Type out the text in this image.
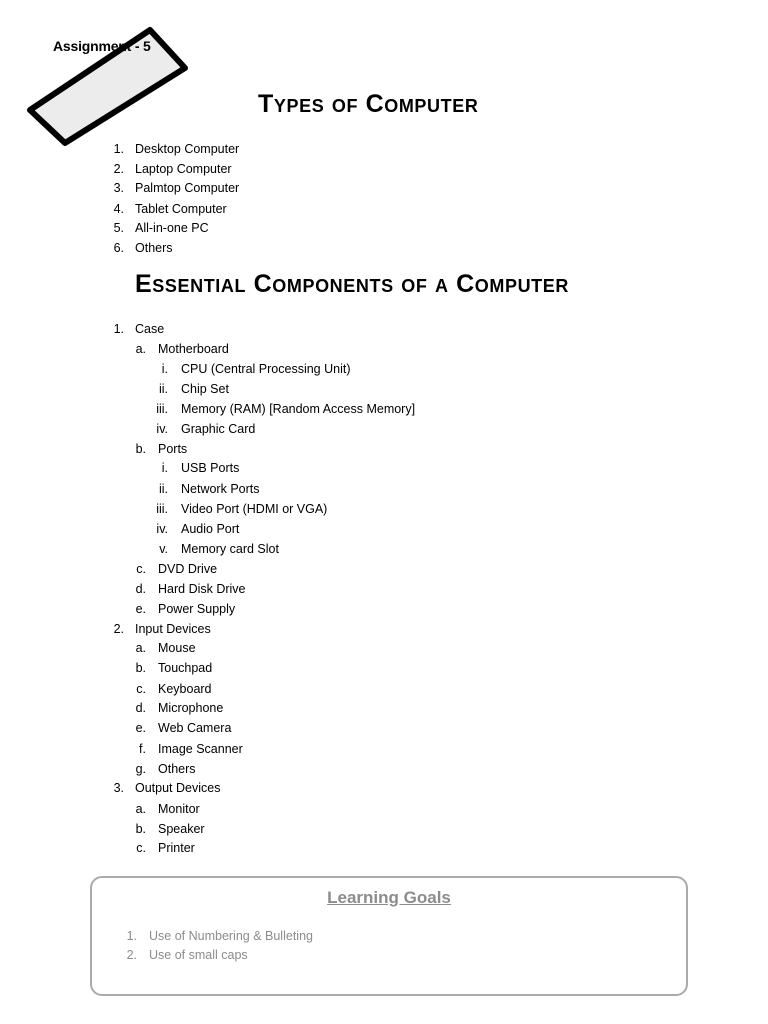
Assignment - 5
Types of Computer
1. Desktop Computer
2. Laptop Computer
3. Palmtop Computer
4. Tablet Computer
5. All-in-one PC
6. Others
Essential Components of a Computer
1. Case
a. Motherboard
i. CPU (Central Processing Unit)
ii. Chip Set
iii. Memory (RAM) [Random Access Memory]
iv. Graphic Card
b. Ports
i. USB Ports
ii. Network Ports
iii. Video Port (HDMI or VGA)
iv. Audio Port
v. Memory card Slot
c. DVD Drive
d. Hard Disk Drive
e. Power Supply
2. Input Devices
a. Mouse
b. Touchpad
c. Keyboard
d. Microphone
e. Web Camera
f. Image Scanner
g. Others
3. Output Devices
a. Monitor
b. Speaker
c. Printer
Learning Goals
1. Use of Numbering & Bulleting
2. Use of small caps
